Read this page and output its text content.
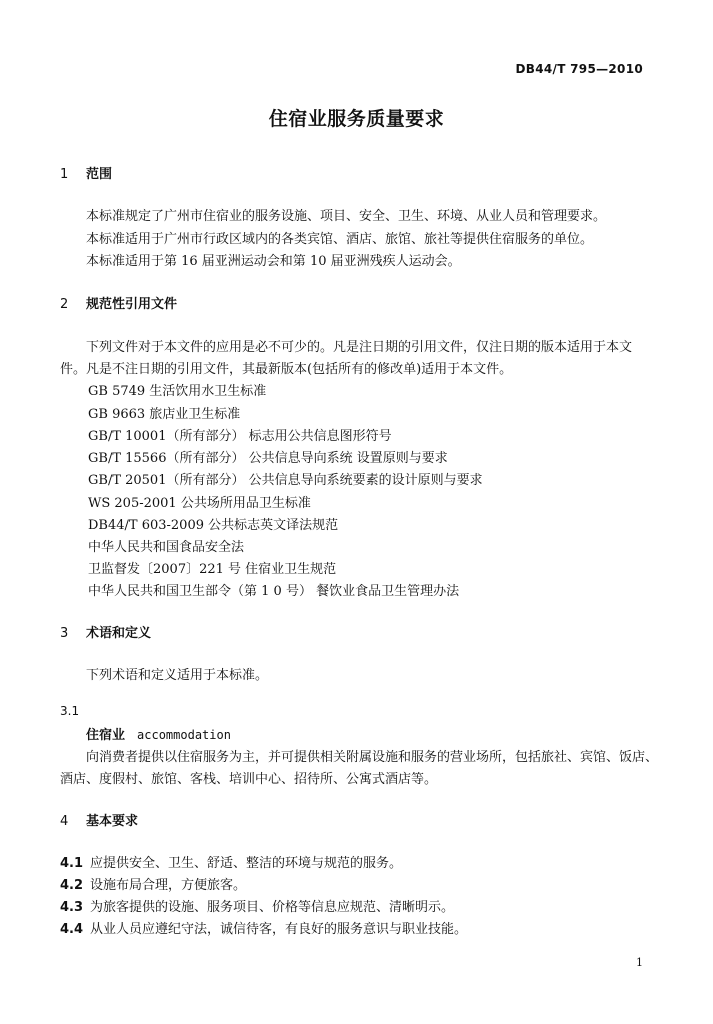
DB44/T 795—2010
住宿业服务质量要求
1 范围
本标准规定了广州市住宿业的服务设施、项目、安全、卫生、环境、从业人员和管理要求。
本标准适用于广州市行政区域内的各类宾馆、酒店、旅馆、旅社等提供住宿服务的单位。
本标准适用于第 16 届亚洲运动会和第 10 届亚洲残疾人运动会。
2 规范性引用文件
下列文件对于本文件的应用是必不可少的。凡是注日期的引用文件，仅注日期的版本适用于本文
件。凡是不注日期的引用文件，其最新版本(包括所有的修改单)适用于本文件。
GB 5749 生活饮用水卫生标准
GB 9663 旅店业卫生标准
GB/T 10001（所有部分） 标志用公共信息图形符号
GB/T 15566（所有部分） 公共信息导向系统 设置原则与要求
GB/T 20501（所有部分） 公共信息导向系统要素的设计原则与要求
WS 205-2001 公共场所用品卫生标准
DB44/T 603-2009 公共标志英文译法规范
中华人民共和国食品安全法
卫监督发〔2007〕221 号 住宿业卫生规范
中华人民共和国卫生部令（第 1 0 号） 餐饮业食品卫生管理办法
3 术语和定义
下列术语和定义适用于本标准。
3.1
住宿业 accommodation
向消费者提供以住宿服务为主，并可提供相关附属设施和服务的营业场所，包括旅社、宾馆、饭店、
酒店、度假村、旅馆、客栈、培训中心、招待所、公寓式酒店等。
4 基本要求
4.1 应提供安全、卫生、舒适、整洁的环境与规范的服务。
4.2 设施布局合理，方便旅客。
4.3 为旅客提供的设施、服务项目、价格等信息应规范、清晰明示。
4.4 从业人员应遵纪守法，诚信待客，有良好的服务意识与职业技能。
1
